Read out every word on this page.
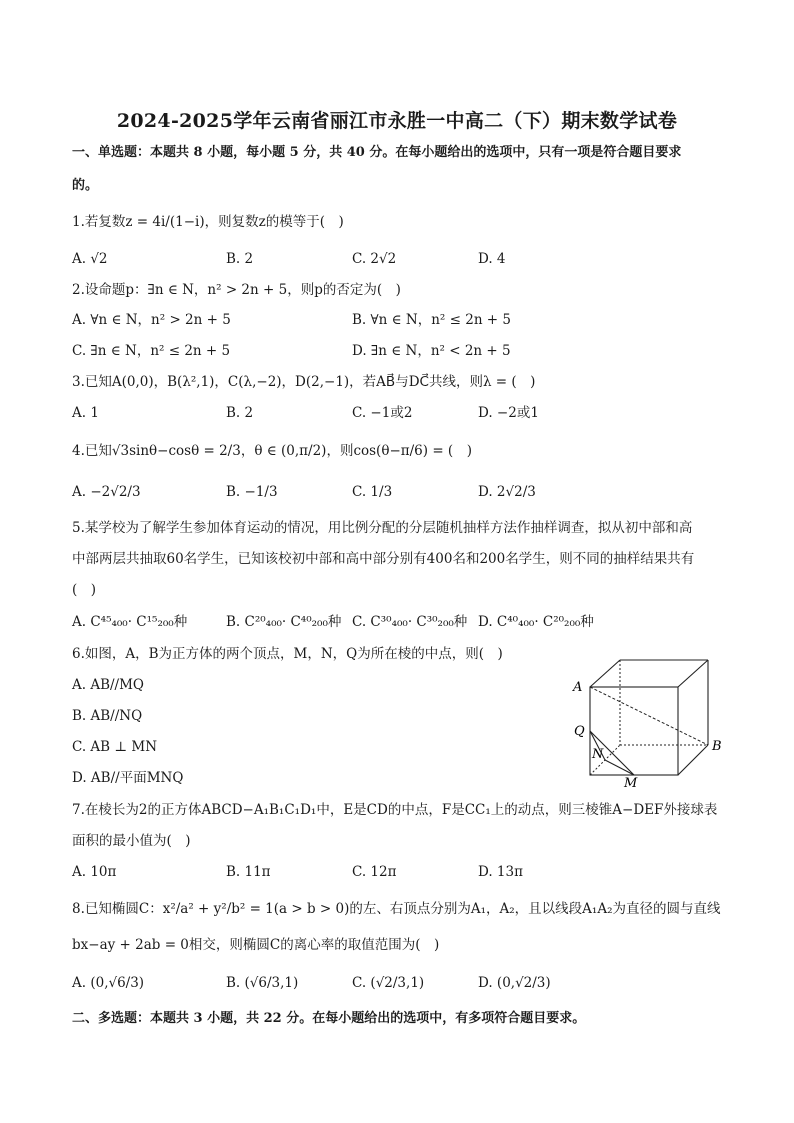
2024-2025学年云南省丽江市永胜一中高二（下）期末数学试卷
一、单选题：本题共 8 小题，每小题 5 分，共 40 分。在每小题给出的选项中，只有一项是符合题目要求
的。
1.若复数z = 4i/(1−i)，则复数z的模等于(　)
A. √2	B. 2	C. 2√2	D. 4
2.设命题p：∃n ∈ N，n² > 2n + 5，则p的否定为(　)
A. ∀n ∈ N，n² > 2n + 5	B. ∀n ∈ N，n² ≤ 2n + 5
C. ∃n ∈ N，n² ≤ 2n + 5	D. ∃n ∈ N，n² < 2n + 5
3.已知A(0,0)，B(λ²,1)，C(λ,−2)，D(2,−1)，若AB⃗与DC⃗共线，则λ = (　)
A. 1	B. 2	C. −1或2	D. −2或1
4.已知√3sinθ−cosθ = 2/3，θ ∈ (0,π/2)，则cos(θ−π/6) = (　)
A. −2√2/3	B. −1/3	C. 1/3	D. 2√2/3
5.某学校为了解学生参加体育运动的情况，用比例分配的分层随机抽样方法作抽样调查，拟从初中部和高
中部两层共抽取60名学生，已知该校初中部和高中部分别有400名和200名学生，则不同的抽样结果共有
(　)
A. C⁴⁵₄₀₀· C¹⁵₂₀₀种	B. C²⁰₄₀₀· C⁴⁰₂₀₀种 C. C³⁰₄₀₀· C³⁰₂₀₀种 D. C⁴⁰₄₀₀· C²⁰₂₀₀种
6.如图，A，B为正方体的两个顶点，M，N，Q为所在棱的中点，则(　)
A. AB//MQ
B. AB//NQ
C. AB ⊥ MN
D. AB//平面MNQ
A
Q
N
B
M
7.在棱长为2的正方体ABCD−A₁B₁C₁D₁中，E是CD的中点，F是CC₁上的动点，则三棱锥A−DEF外接球表
面积的最小值为(　)
A. 10π	B. 11π	C. 12π	D. 13π
8.已知椭圆C：x²/a² + y²/b² = 1(a > b > 0)的左、右顶点分别为A₁，A₂，且以线段A₁A₂为直径的圆与直线
bx−ay + 2ab = 0相交，则椭圆C的离心率的取值范围为(　)
A. (0,√6/3)	B. (√6/3,1)	C. (√2/3,1)	D. (0,√2/3)
二、多选题：本题共 3 小题，共 22 分。在每小题给出的选项中，有多项符合题目要求。
